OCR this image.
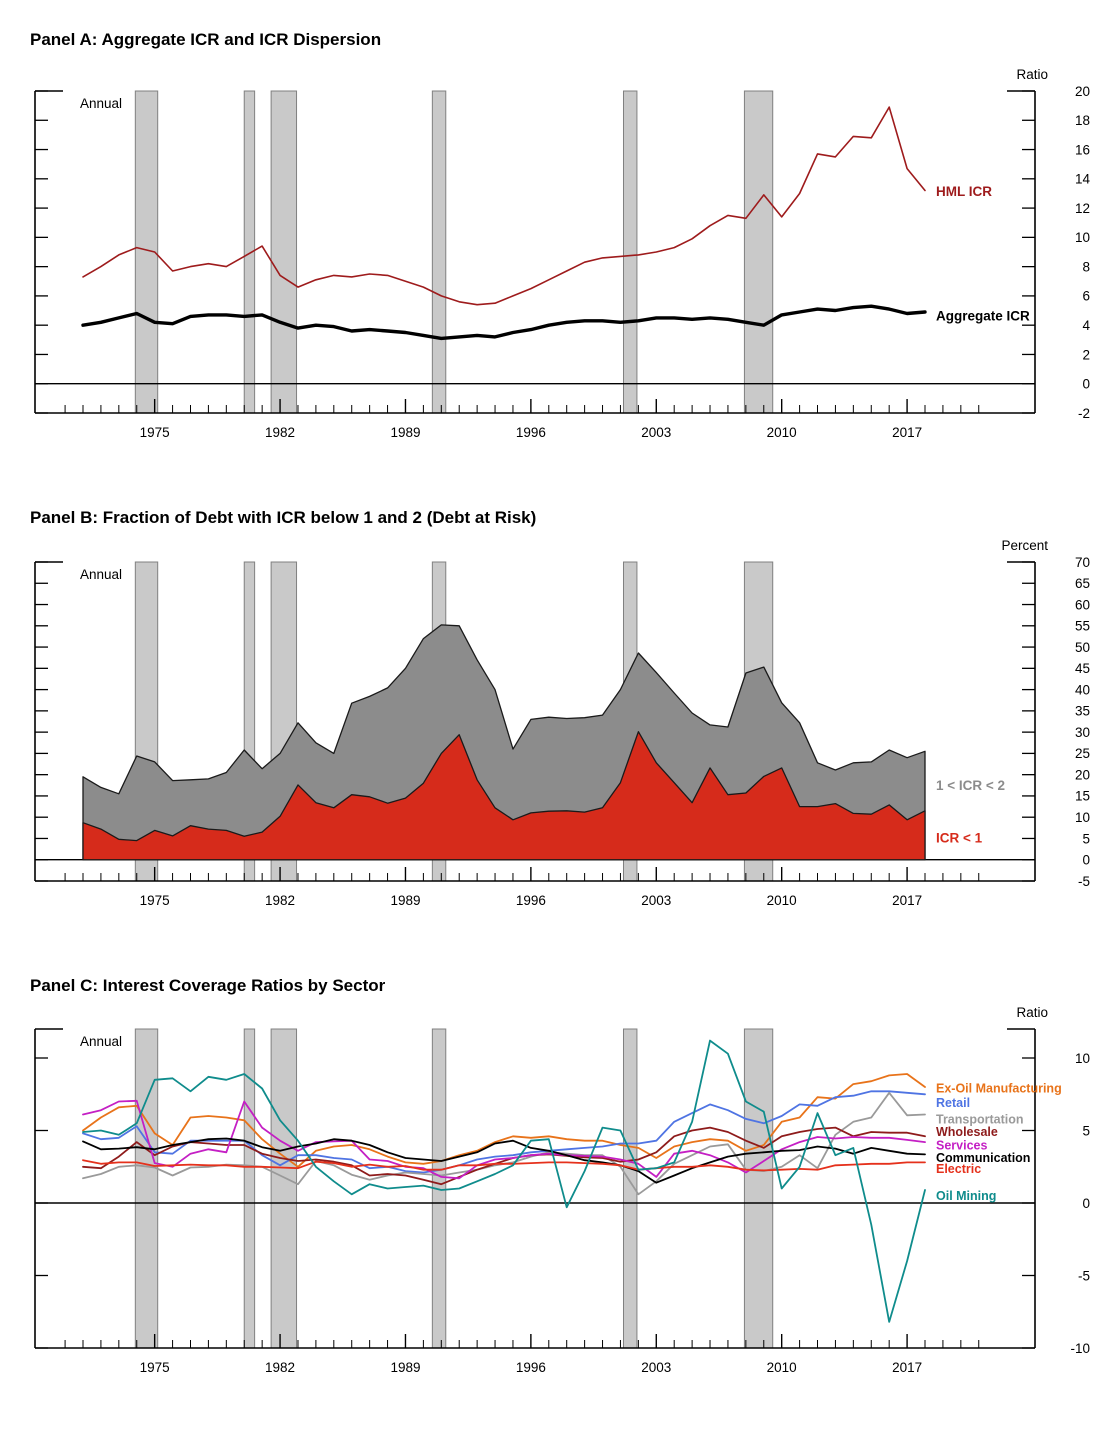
-2
0
2
4
6
8
10
12
14
16
18
20
1975	1982	1989	1996	2003	2010	2017
Ratio
Annual
HML ICR
Aggregate ICR
-5
0
5
10
15
20
25
30
35
40
45
50
55
60
65
70
1975	1982	1989	1996	2003	2010	2017
Percent
Annual
1 < ICR < 2
ICR < 1
-10
-5
0
5
10
1975	1982	1989	1996	2003	2010	2017
Ratio
Annual
Ex-Oil Manufacturing
Retail
Transportation
Wholesale
Services
Communication
Electric
Oil Mining
Panel A: Aggregate ICR and ICR Dispersion
Panel B: Fraction of Debt with ICR below 1 and 2 (Debt at Risk)
Panel C: Interest Coverage Ratios by Sector
